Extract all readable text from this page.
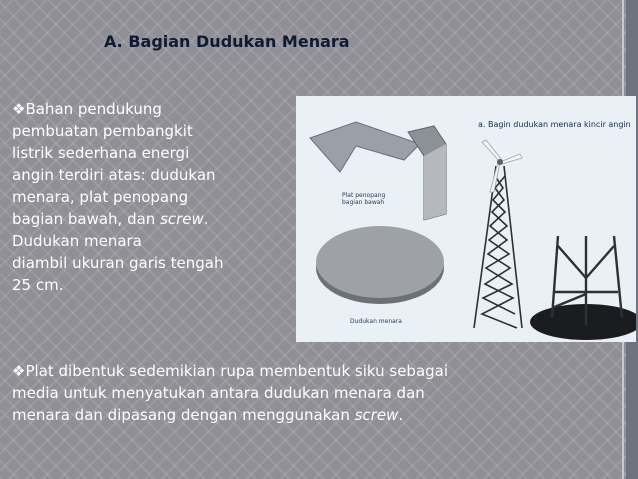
A. Bagian Dudukan Menara
❖Bahan pendukung
pembuatan pembangkit
listrik sederhana energi
angin terdiri atas: dudukan
menara, plat penopang
bagian bawah, dan screw.
Dudukan menara
diambil ukuran garis tengah
25 cm.
a. Bagin dudukan menara kincir angin
Plat penopang
bagian bawah
Dudukan menara
❖Plat dibentuk sedemikian rupa membentuk siku sebagai
media untuk menyatukan antara dudukan menara dan
menara dan dipasang dengan menggunakan screw.
